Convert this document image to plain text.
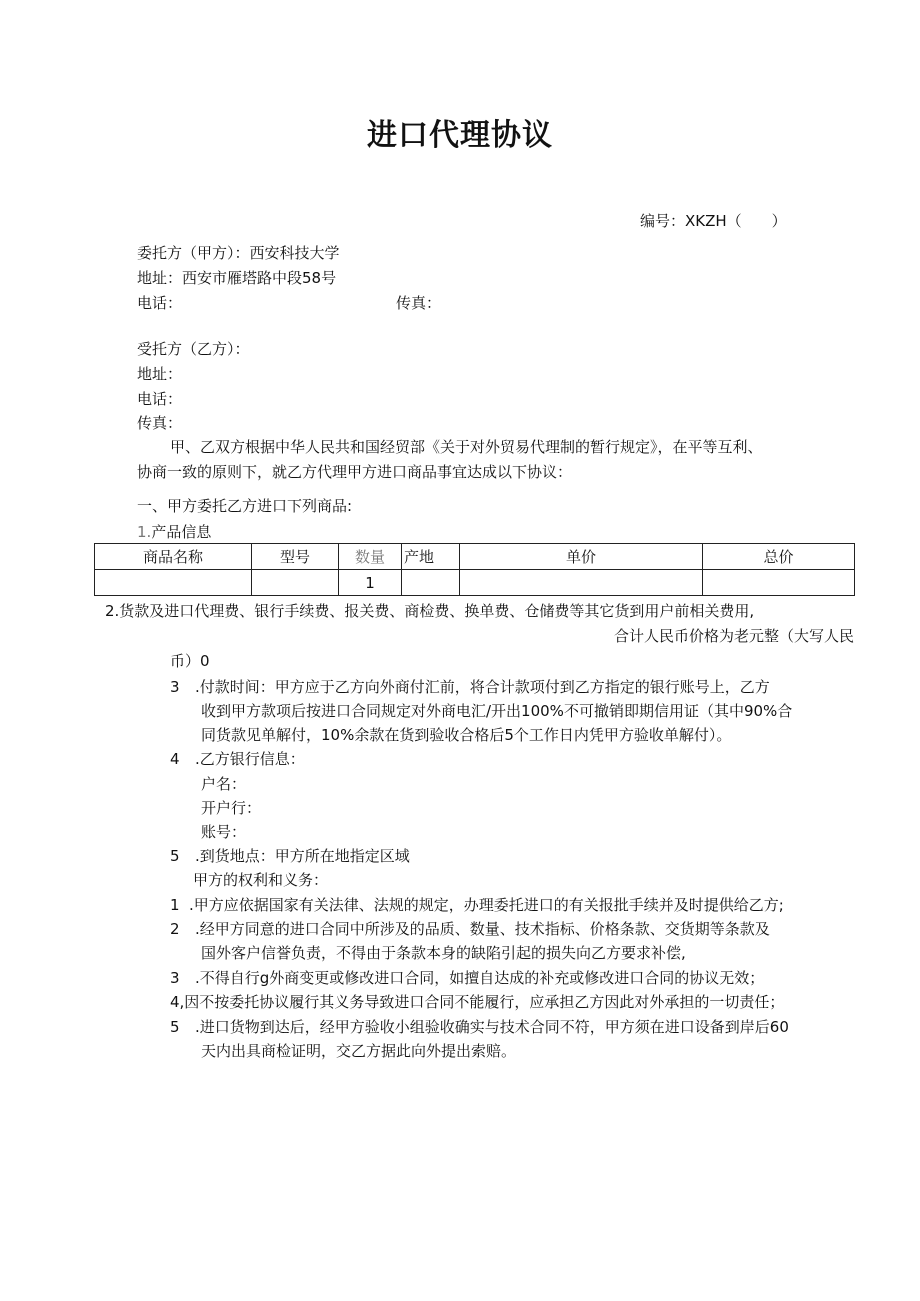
进口代理协议

编号：XKZH（　　）

委托方（甲方）：西安科技大学

地址：西安市雁塔路中段58号

电话：	传真：

受托方（乙方）：

地址：

电话：

传真：

甲、乙双方根据中华人民共和国经贸部《关于对外贸易代理制的暂行规定》，在平等互利、

协商一致的原则下，就乙方代理甲方进口商品事宜达成以下协议：

一、甲方委托乙方进口下列商品:

1.产品信息

商品名称	型号	数量	产地	单价	总价
		1			

2.货款及进口代理费、银行手续费、报关费、商检费、换单费、仓储费等其它货到用户前相关费用,

合计人民币价格为老元整（大写人民

币）0

3 .付款时间：甲方应于乙方向外商付汇前，将合计款项付到乙方指定的银行账号上，乙方

收到甲方款项后按进口合同规定对外商电汇/开出100%不可撤销即期信用证（其中90%合

同货款见单解付，10%余款在货到验收合格后5个工作日内凭甲方验收单解付）。

4 .乙方银行信息：

户名：

开户行：

账号：

5 .到货地点：甲方所在地指定区域

甲方的权利和义务：

1 .甲方应依据国家有关法律、法规的规定，办理委托进口的有关报批手续并及时提供给乙方;

2 .经甲方同意的进口合同中所涉及的品质、数量、技术指标、价格条款、交货期等条款及

国外客户信誉负责，不得由于条款本身的缺陷引起的损失向乙方要求补偿,

3 .不得自行g外商变更或修改进口合同，如擅自达成的补充或修改进口合同的协议无效；

4,因不按委托协议履行其义务导致进口合同不能履行，应承担乙方因此对外承担的一切责任；

5 .进口货物到达后，经甲方验收小组验收确实与技术合同不符，甲方须在进口设备到岸后60

天内出具商检证明，交乙方据此向外提出索赔。
